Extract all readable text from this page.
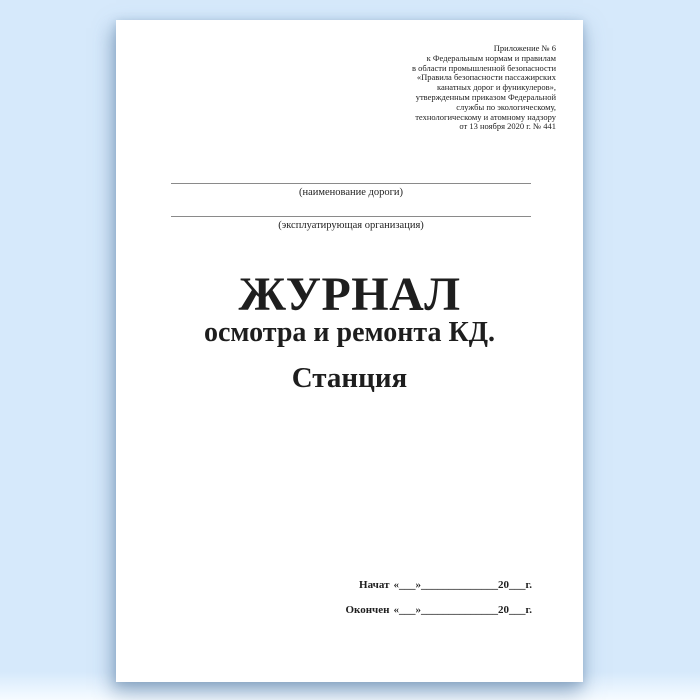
Приложение № 6
к Федеральным нормам и правилам
в области промышленной безопасности
«Правила безопасности пассажирских
канатных дорог и фуникулеров»,
утвержденным приказом Федеральной
службы по экологическому,
технологическому и атомному надзору
от 13 ноября 2020 г. № 441
(наименование дороги)
(эксплуатирующая организация)
ЖУРНАЛ
осмотра и ремонта КД.
Станция
Начат «___»______________20___г.
Окончен «___»______________20___г.
